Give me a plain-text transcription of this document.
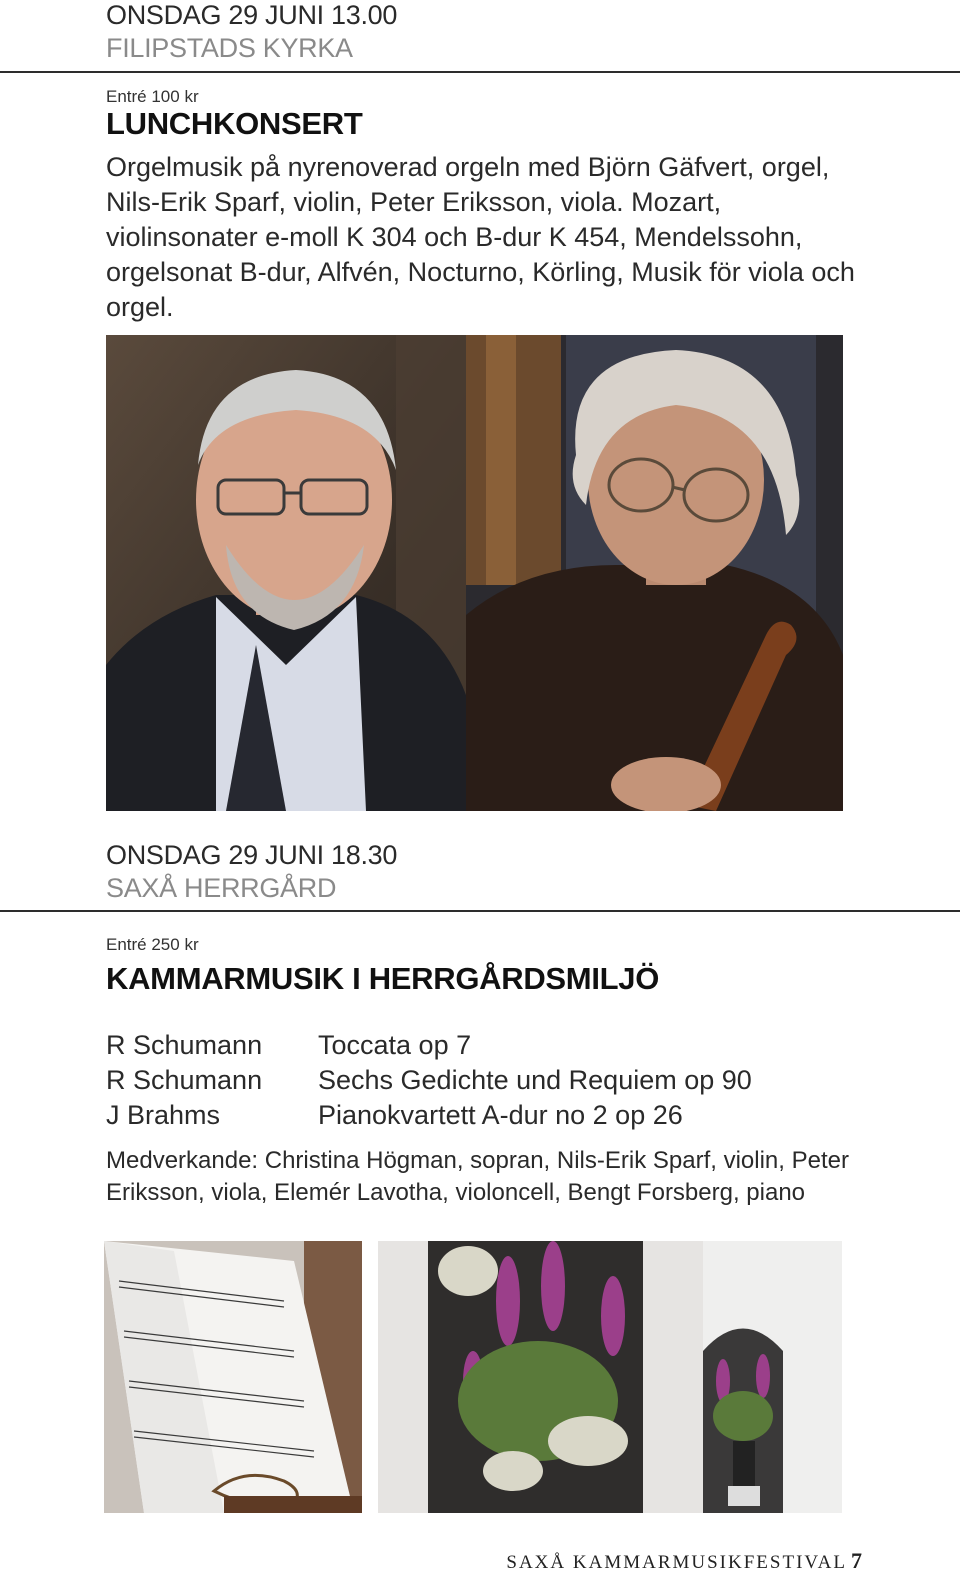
ONSDAG 29 JUNI 13.00
FILIPSTADS KYRKA
Entré 100 kr
LUNCHKONSERT
Orgelmusik på nyrenoverad orgeln med Björn Gäfvert, orgel, Nils-Erik Sparf, violin, Peter Eriksson, viola. Mozart, violinsonater e-moll K 304 och B-dur K 454, Mendelssohn, orgelsonat B-dur, Alfvén, Nocturno, Körling, Musik för viola och orgel.
ONSDAG 29 JUNI 18.30
SAXÅ HERRGÅRD
Entré 250 kr
KAMMARMUSIK I HERRGÅRDSMILJÖ
R Schumann	Toccata op 7
R Schumann	Sechs Gedichte und Requiem op 90
J Brahms	Pianokvartett A-dur no 2 op 26
Medverkande: Christina Högman, sopran, Nils-Erik Sparf, violin, Peter Eriksson, viola, Elemér Lavotha, violoncell, Bengt Forsberg, piano
SAXÅ KAMMARMUSIKFESTIVAL 7
